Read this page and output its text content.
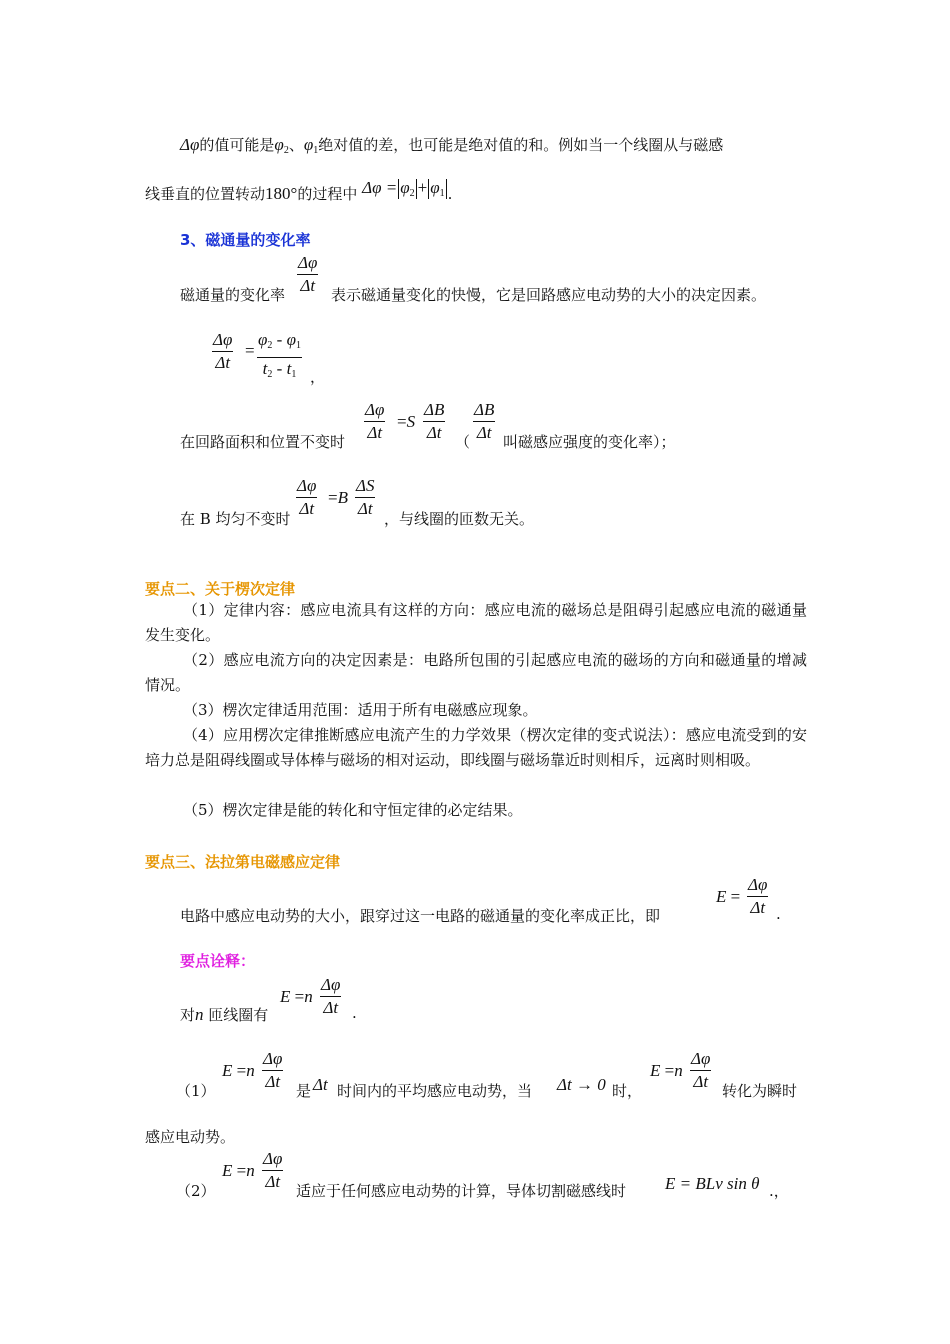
Δφ的值可能是$\varphi_2$、$\varphi_1$绝对值的差，也可能是绝对值的和。例如当一个线圈从与磁感
线垂直的位置转动180°的过程中 $\Delta\varphi = \varphi_2 + \varphi_1$ .
3、磁通量的变化率
$\frac{\Delta\varphi}{\Delta t}$
磁通量的变化率	表示磁通量变化的快慢，它是回路感应电动势的大小的决定因素。
$\frac{\Delta\varphi}{\Delta t} = \frac{\varphi_2 - \varphi_1}{t_2 - t_1}$ ，
$\frac{\Delta\varphi}{\Delta t} =S \frac{\Delta B}{\Delta t} \frac{\Delta B}{\Delta t}$
在回路面积和位置不变时	（ 叫磁感应强度的变化率）；
$\frac{\Delta\varphi}{\Delta t} =B \frac{\Delta S}{\Delta t}$
在 B 均匀不变时	，与线圈的匝数无关。
要点二、关于楞次定律
（1）定律内容：感应电流具有这样的方向：感应电流的磁场总是阻碍引起感应电流的磁通量发生变化。
（2）感应电流方向的决定因素是：电路所包围的引起感应电流的磁场的方向和磁通量的增减情况。
（3）楞次定律适用范围：适用于所有电磁感应现象。
（4）应用楞次定律推断感应电流产生的力学效果（楞次定律的变式说法）：感应电流受到的安培力总是阻碍线圈或导体棒与磁场的相对运动，即线圈与磁场靠近时则相斥，远离时则相吸。
（5）楞次定律是能的转化和守恒定律的必定结果。
要点三、法拉第电磁感应定律
$E = \frac{\Delta\varphi}{\Delta t}$
电路中感应电动势的大小，跟穿过这一电路的磁通量的变化率成正比，即	.
要点诠释：
$E =n \frac{\Delta\varphi}{\Delta t}$
对n 匝线圈有	.
$E =n \frac{\Delta\varphi}{\Delta t}$	$E =n \frac{\Delta\varphi}{\Delta t}$
（1）	是 Δt 时间内的平均感应电动势，当 Δt → 0 时，	转化为瞬时
感应电动势。
$E =n \frac{\Delta\varphi}{\Delta t}$
（2）	适应于任何感应电动势的计算，导体切割磁感线时 E = BLv sin θ .，
